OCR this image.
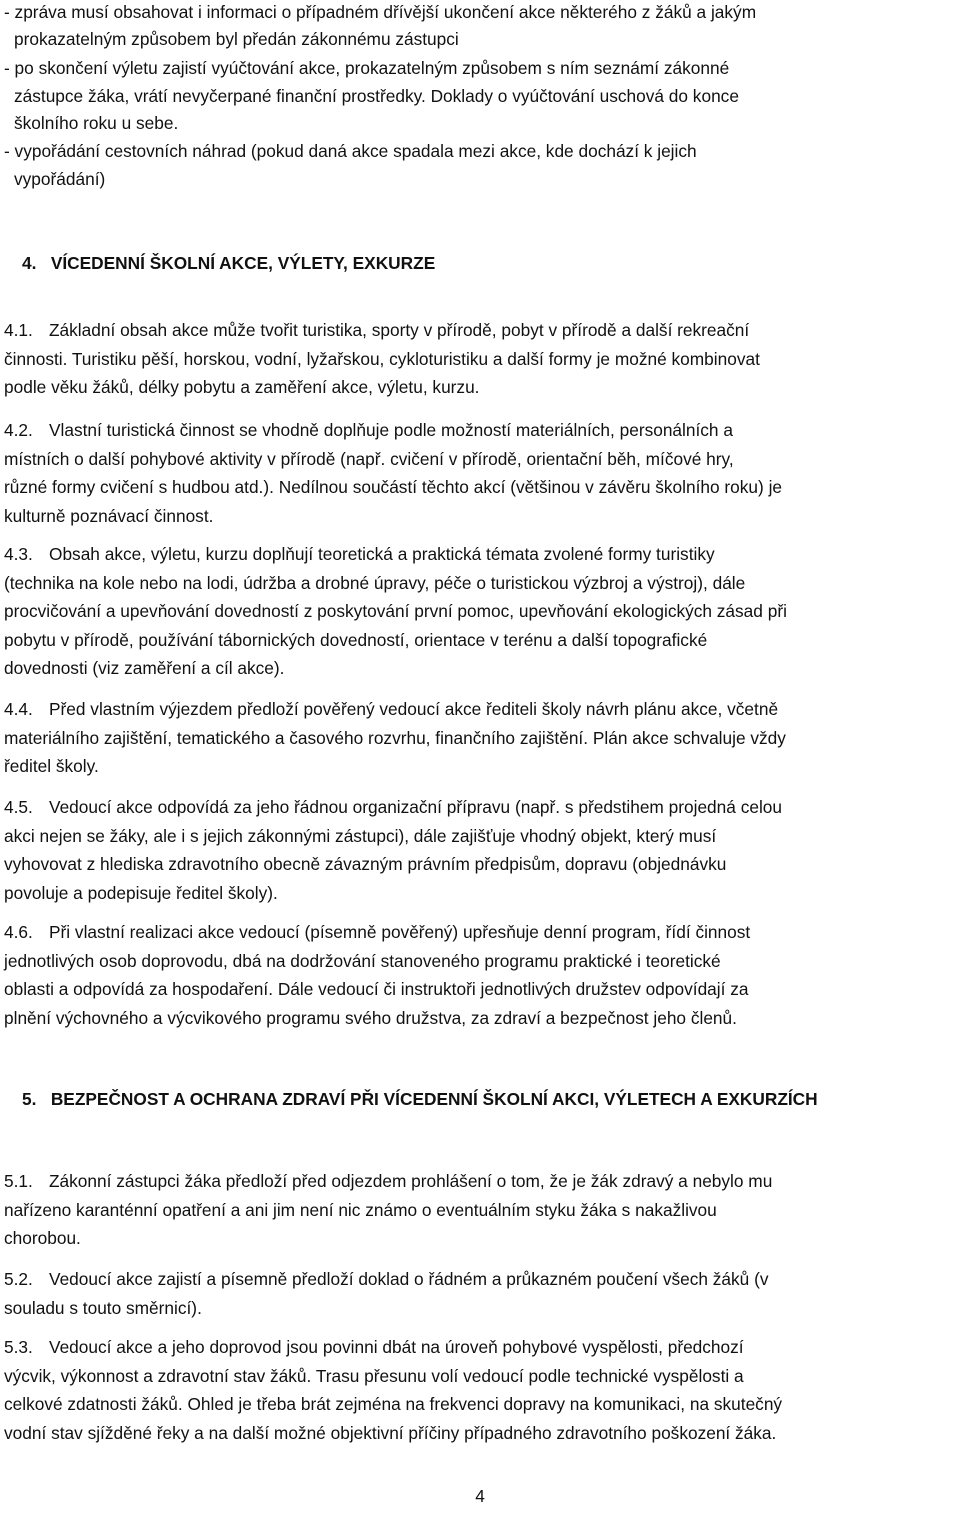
- zpráva musí obsahovat i informaci o případném dřívější ukončení akce některého z žáků a jakým
prokazatelným způsobem byl předán zákonnému zástupci
- po skončení výletu zajistí vyúčtování akce, prokazatelným způsobem s ním seznámí zákonné
zástupce žáka, vrátí nevyčerpané finanční prostředky. Doklady o vyúčtování uschová do konce
školního roku u sebe.
- vypořádání cestovních náhrad (pokud daná akce spadala mezi akce, kde dochází k jejich
vypořádání)
4. VÍCEDENNÍ ŠKOLNÍ AKCE, VÝLETY, EXKURZE
4.1. Základní obsah akce může tvořit turistika, sporty v přírodě, pobyt v přírodě a další rekreační
činnosti. Turistiku pěší, horskou, vodní, lyžařskou, cykloturistiku a další formy je možné kombinovat
podle věku žáků, délky pobytu a zaměření akce, výletu, kurzu.
4.2. Vlastní turistická činnost se vhodně doplňuje podle možností materiálních, personálních a
místních o další pohybové aktivity v přírodě (např. cvičení v přírodě, orientační běh, míčové hry,
různé formy cvičení s hudbou atd.). Nedílnou součástí těchto akcí (většinou v závěru školního roku) je
kulturně poznávací činnost.
4.3. Obsah akce, výletu, kurzu doplňují teoretická a praktická témata zvolené formy turistiky
(technika na kole nebo na lodi, údržba a drobné úpravy, péče o turistickou výzbroj a výstroj), dále
procvičování a upevňování dovedností z poskytování první pomoc, upevňování ekologických zásad při
pobytu v přírodě, používání tábornických dovedností, orientace v terénu a další topografické
dovednosti (viz zaměření a cíl akce).
4.4. Před vlastním výjezdem předloží pověřený vedoucí akce řediteli školy návrh plánu akce, včetně
materiálního zajištění, tematického a časového rozvrhu, finančního zajištění. Plán akce schvaluje vždy
ředitel školy.
4.5. Vedoucí akce odpovídá za jeho řádnou organizační přípravu (např. s předstihem projedná celou
akci nejen se žáky, ale i s jejich zákonnými zástupci), dále zajišťuje vhodný objekt, který musí
vyhovovat z hlediska zdravotního obecně závazným právním předpisům, dopravu (objednávku
povoluje a podepisuje ředitel školy).
4.6. Při vlastní realizaci akce vedoucí (písemně pověřený) upřesňuje denní program, řídí činnost
jednotlivých osob doprovodu, dbá na dodržování stanoveného programu praktické i teoretické
oblasti a odpovídá za hospodaření. Dále vedoucí či instruktoři jednotlivých družstev odpovídají za
plnění výchovného a výcvikového programu svého družstva, za zdraví a bezpečnost jeho členů.
5. BEZPEČNOST A OCHRANA ZDRAVÍ PŘI VÍCEDENNÍ ŠKOLNÍ AKCI, VÝLETECH A EXKURZÍCH
5.1. Zákonní zástupci žáka předloží před odjezdem prohlášení o tom, že je žák zdravý a nebylo mu
nařízeno karanténní opatření a ani jim není nic známo o eventuálním styku žáka s nakažlivou
chorobou.
5.2. Vedoucí akce zajistí a písemně předloží doklad o řádném a průkazném poučení všech žáků (v
souladu s touto směrnicí).
5.3. Vedoucí akce a jeho doprovod jsou povinni dbát na úroveň pohybové vyspělosti, předchozí
výcvik, výkonnost a zdravotní stav žáků. Trasu přesunu volí vedoucí podle technické vyspělosti a
celkové zdatnosti žáků. Ohled je třeba brát zejména na frekvenci dopravy na komunikaci, na skutečný
vodní stav sjížděné řeky a na další možné objektivní příčiny případného zdravotního poškození žáka.
4
